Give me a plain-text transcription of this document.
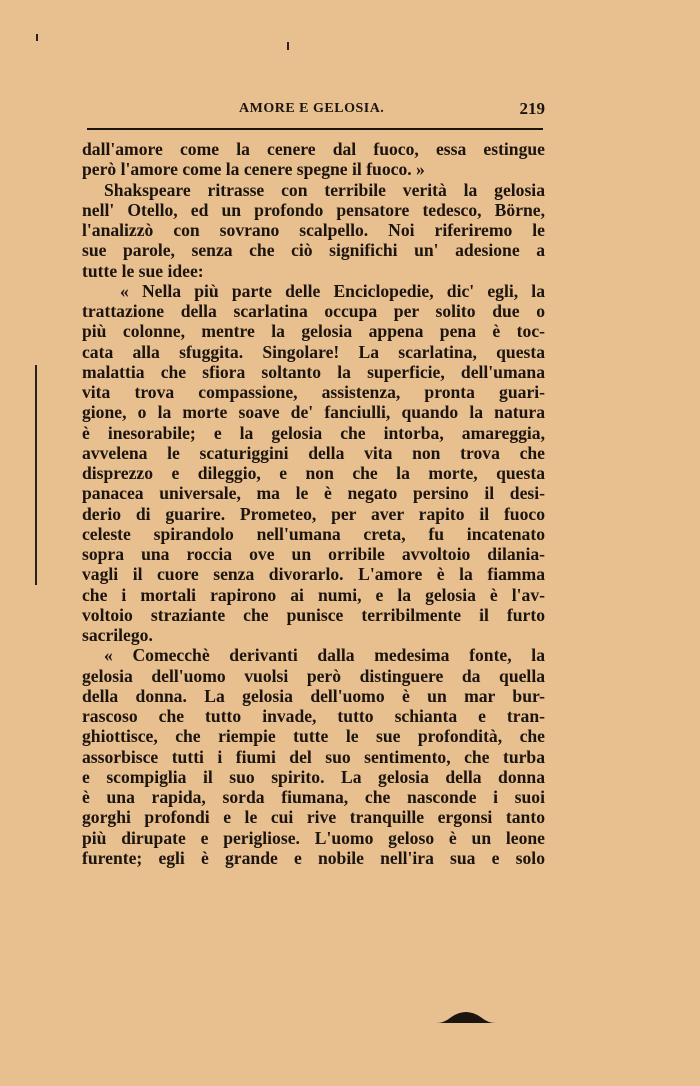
AMORE E GELOSIA.	219
dall'amore come la cenere dal fuoco, essa estingue
però l'amore come la cenere spegne il fuoco. »
Shakspeare ritrasse con terribile verità la gelosia
nell' Otello, ed un profondo pensatore tedesco, Börne,
l'analizzò con sovrano scalpello. Noi riferiremo le
sue parole, senza che ciò significhi un' adesione a
tutte le sue idee:
« Nella più parte delle Enciclopedie, dic' egli, la
trattazione della scarlatina occupa per solito due o
più colonne, mentre la gelosia appena pena è toc-
cata alla sfuggita. Singolare! La scarlatina, questa
malattia che sfiora soltanto la superficie, dell'umana
vita trova compassione, assistenza, pronta guari-
gione, o la morte soave de' fanciulli, quando la natura
è inesorabile; e la gelosia che intorba, amareggia,
avvelena le scaturiggini della vita non trova che
disprezzo e dileggio, e non che la morte, questa
panacea universale, ma le è negato persino il desi-
derio di guarire. Prometeo, per aver rapito il fuoco
celeste spirandolo nell'umana creta, fu incatenato
sopra una roccia ove un orribile avvoltoio dilania-
vagli il cuore senza divorarlo. L'amore è la fiamma
che i mortali rapirono ai numi, e la gelosia è l'av-
voltoio straziante che punisce terribilmente il furto
sacrilego.
« Comecchè derivanti dalla medesima fonte, la
gelosia dell'uomo vuolsi però distinguere da quella
della donna. La gelosia dell'uomo è un mar bur-
rascoso che tutto invade, tutto schianta e tran-
ghiottisce, che riempie tutte le sue profondità, che
assorbisce tutti i fiumi del suo sentimento, che turba
e scompiglia il suo spirito. La gelosia della donna
è una rapida, sorda fiumana, che nasconde i suoi
gorghi profondi e le cui rive tranquille ergonsi tanto
più dirupate e perigliose. L'uomo geloso è un leone
furente; egli è grande e nobile nell'ira sua e solo
